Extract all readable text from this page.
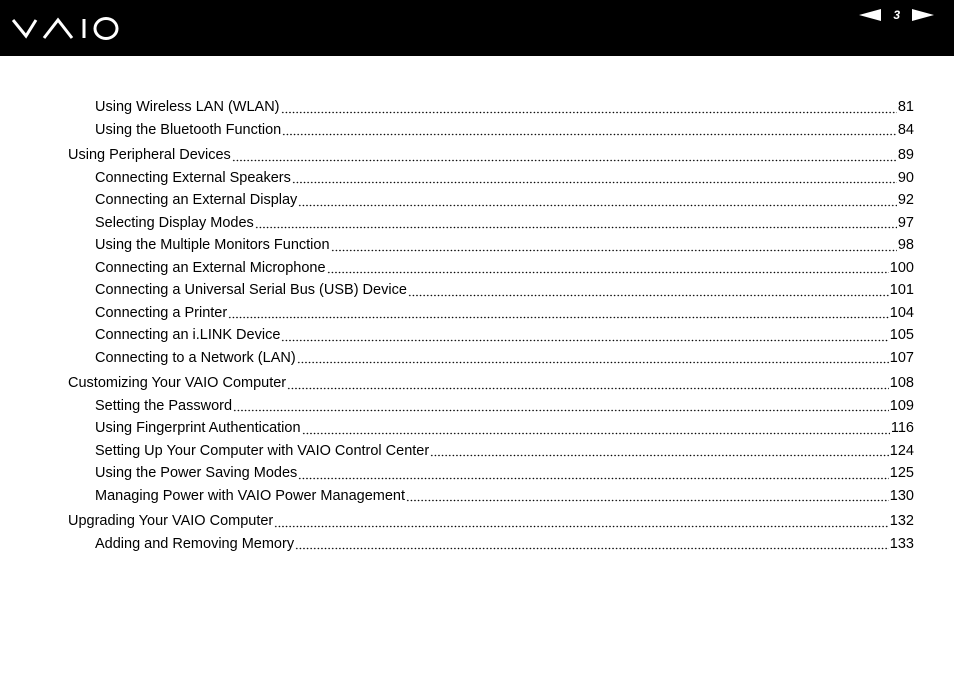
3
Using Wireless LAN (WLAN)	81
Using the Bluetooth Function	84
Using Peripheral Devices	89
Connecting External Speakers	90
Connecting an External Display	92
Selecting Display Modes	97
Using the Multiple Monitors Function	98
Connecting an External Microphone	100
Connecting a Universal Serial Bus (USB) Device	101
Connecting a Printer	104
Connecting an i.LINK Device	105
Connecting to a Network (LAN)	107
Customizing Your VAIO Computer	108
Setting the Password	109
Using Fingerprint Authentication	116
Setting Up Your Computer with VAIO Control Center	124
Using the Power Saving Modes	125
Managing Power with VAIO Power Management	130
Upgrading Your VAIO Computer	132
Adding and Removing Memory	133
